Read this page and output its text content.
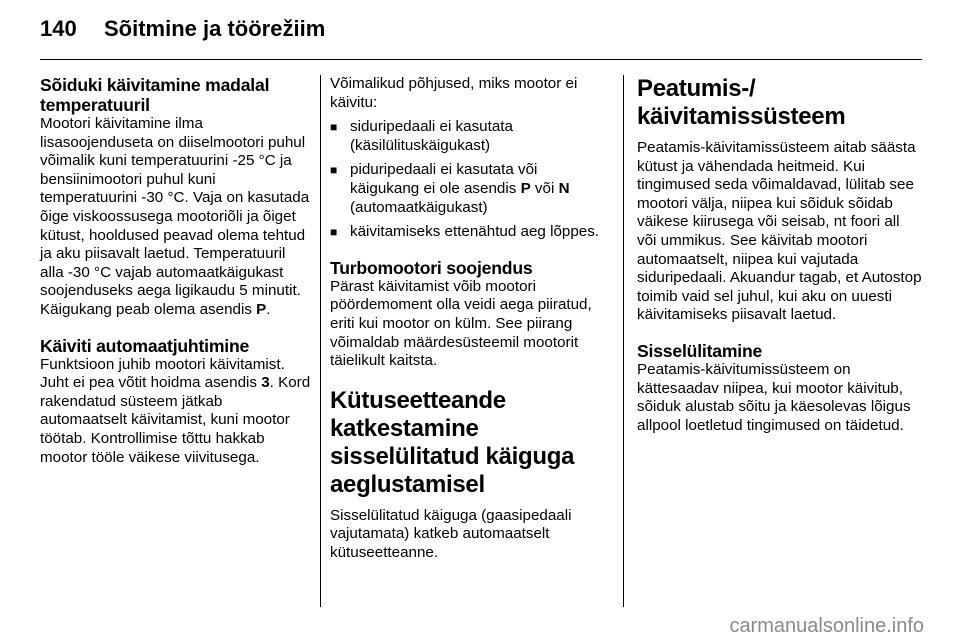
140 Sõitmine ja töörežiim
Sõiduki käivitamine madalal temperatuuril

Mootori käivitamine ilma lisasoojenduseta on diiselmootori puhul võimalik kuni temperatuurini -25 °C ja bensiinimootori puhul kuni temperatuurini -30 °C. Vaja on kasutada õige viskoossusega mootoriõli ja õiget kütust, hooldused peavad olema tehtud ja aku piisavalt laetud. Temperatuuril alla -30 °C vajab automaatkäigukast soojenduseks aega ligikaudu 5 minutit. Käigukang peab olema asendis P.

Käiviti automaatjuhtimine

Funktsioon juhib mootori käivitamist. Juht ei pea võtit hoidma asendis 3. Kord rakendatud süsteem jätkab automaatselt käivitamist, kuni mootor töötab. Kontrollimise tõttu hakkab mootor tööle väikese viivitusega.

Võimalikud põhjused, miks mootor ei käivitu:

■ siduripedaali ei kasutata (käsilülituskäigukast)
■ piduripedaali ei kasutata või käigukang ei ole asendis P või N (automaatkäigukast)
■ käivitamiseks ettenähtud aeg lõppes.
Turbomootori soojendus

Pärast käivitamist võib mootori pöördemoment olla veidi aega piiratud, eriti kui mootor on külm. See piirang võimaldab määrdesüsteemil mootorit täielikult kaitsta.

Kütuseetteande katkestamine sisselülitatud käiguga aeglustamisel

Sisselülitatud käiguga (gaasipedaali vajutamata) katkeb automaatselt kütuseetteanne.

Peatumis-/ käivitamissüsteem

Peatamis-käivitamissüsteem aitab säästa kütust ja vähendada heitmeid. Kui tingimused seda võimaldavad, lülitab see mootori välja, niipea kui sõiduk sõidab väikese kiirusega või seisab, nt foori all või ummikus. See käivitab mootori automaatselt, niipea kui vajutada siduripedaali. Akuandur tagab, et Autostop toimib vaid sel juhul, kui aku on uuesti käivitamiseks piisavalt laetud.

Sisselülitamine

Peatamis-käivitumissüsteem on kättesaadav niipea, kui mootor käivitub, sõiduk alustab sõitu ja käesolevas lõigus allpool loetletud tingimused on täidetud.

carmanualsonline.info
